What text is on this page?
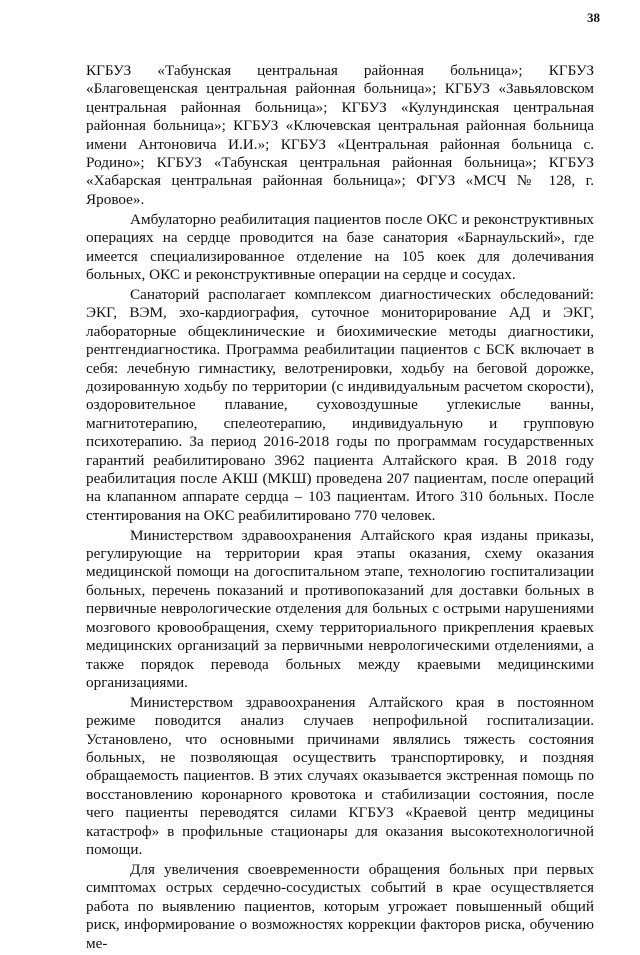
38

КГБУЗ «Табунская центральная районная больница»; КГБУЗ «Благовещенская центральная районная больница»; КГБУЗ «Завьяловском центральная районная больница»; КГБУЗ «Кулундинская центральная районная больница»; КГБУЗ «Ключевская центральная районная больница имени Антоновича И.И.»; КГБУЗ «Центральная районная больница с. Родино»; КГБУЗ «Табунская центральная районная больница»; КГБУЗ «Хабарская центральная районная больница»; ФГУЗ «МСЧ № 128, г. Яровое».

Амбулаторно реабилитация пациентов после ОКС и реконструктивных операциях на сердце проводится на базе санатория «Барнаульский», где имеется специализированное отделение на 105 коек для долечивания больных, ОКС и реконструктивные операции на сердце и сосудах.

Санаторий располагает комплексом диагностических обследований: ЭКГ, ВЭМ, эхо-кардиография, суточное мониторирование АД и ЭКГ, лабораторные общеклинические и биохимические методы диагностики, рентгендиагностика. Программа реабилитации пациентов с БСК включает в себя: лечебную гимнастику, велотренировки, ходьбу на беговой дорожке, дозированную ходьбу по территории (с индивидуальным расчетом скорости), оздоровительное плавание, суховоздушные углекислые ванны, магнитотерапию, спелеотерапию, индивидуальную и групповую психотерапию. За период 2016-2018 годы по программам государственных гарантий реабилитировано 3962 пациента Алтайского края. В 2018 году реабилитация после АКШ (МКШ) проведена 207 пациентам, после операций на клапанном аппарате сердца – 103 пациентам. Итого 310 больных. После стентирования на ОКС реабилитировано 770 человек.

Министерством здравоохранения Алтайского края изданы приказы, регулирующие на территории края этапы оказания, схему оказания медицинской помощи на догоспитальном этапе, технологию госпитализации больных, перечень показаний и противопоказаний для доставки больных в первичные неврологические отделения для больных с острыми нарушениями мозгового кровообращения, схему территориального прикрепления краевых медицинских организаций за первичными неврологическими отделениями, а также порядок перевода больных между краевыми медицинскими организациями.

Министерством здравоохранения Алтайского края в постоянном режиме поводится анализ случаев непрофильной госпитализации. Установлено, что основными причинами являлись тяжесть состояния больных, не позволяющая осуществить транспортировку, и поздняя обращаемость пациентов. В этих случаях оказывается экстренная помощь по восстановлению коронарного кровотока и стабилизации состояния, после чего пациенты переводятся силами КГБУЗ «Краевой центр медицины катастроф» в профильные стационары для оказания высокотехнологичной помощи.

Для увеличения своевременности обращения больных при первых симптомах острых сердечно-сосудистых событий в крае осуществляется работа по выявлению пациентов, которым угрожает повышенный общий риск, информирование о возможностях коррекции факторов риска, обучению ме-
